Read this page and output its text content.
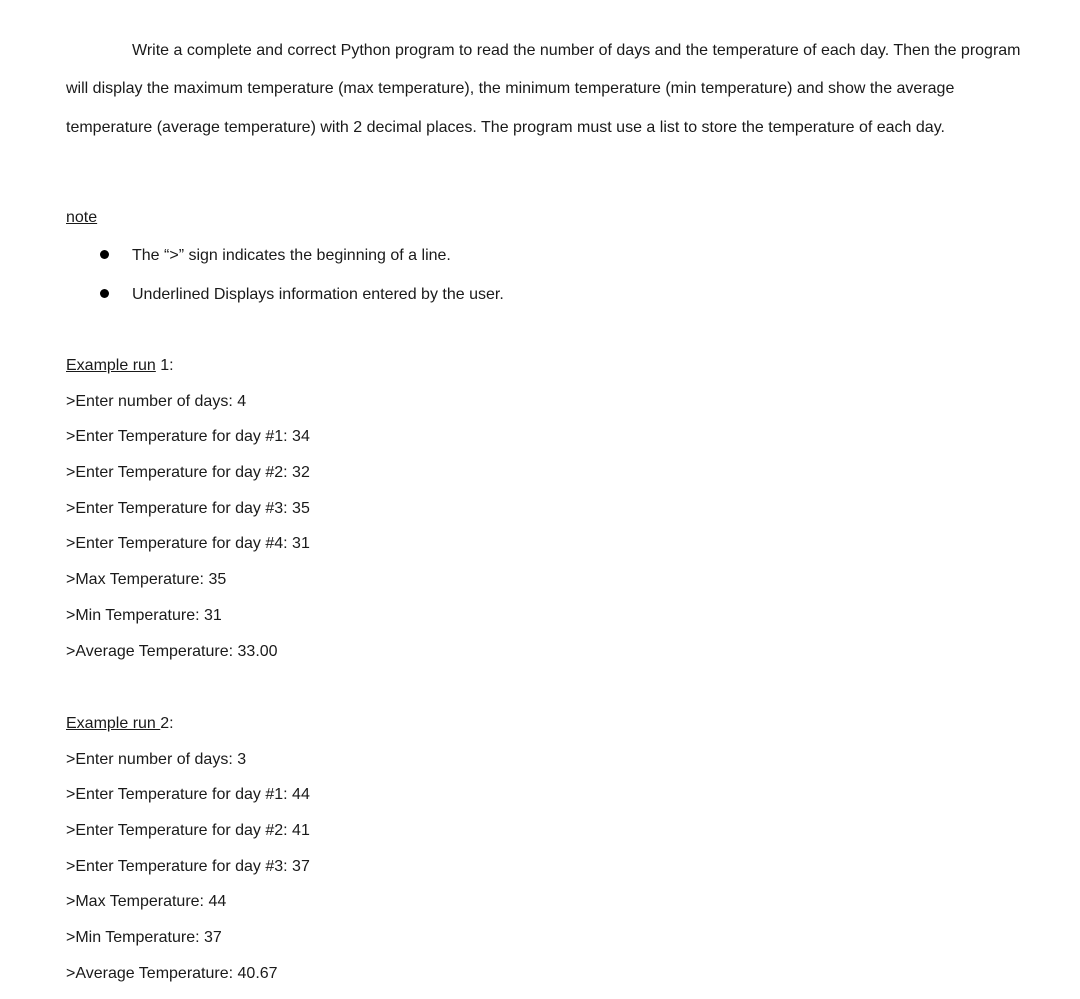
Write a complete and correct Python program to read the number of days and the temperature of each day. Then the program will display the maximum temperature (max temperature), the minimum temperature (min temperature) and show the average temperature (average temperature) with 2 decimal places. The program must use a list to store the temperature of each day.

note

The “>” sign indicates the beginning of a line.
Underlined Displays information entered by the user.
Example run 1:
>Enter number of days: 4
>Enter Temperature for day #1: 34
>Enter Temperature for day #2: 32
>Enter Temperature for day #3: 35
>Enter Temperature for day #4: 31
>Max Temperature: 35
>Min Temperature: 31
>Average Temperature: 33.00
Example run 2:
>Enter number of days: 3
>Enter Temperature for day #1: 44
>Enter Temperature for day #2: 41
>Enter Temperature for day #3: 37
>Max Temperature: 44
>Min Temperature: 37
>Average Temperature: 40.67
